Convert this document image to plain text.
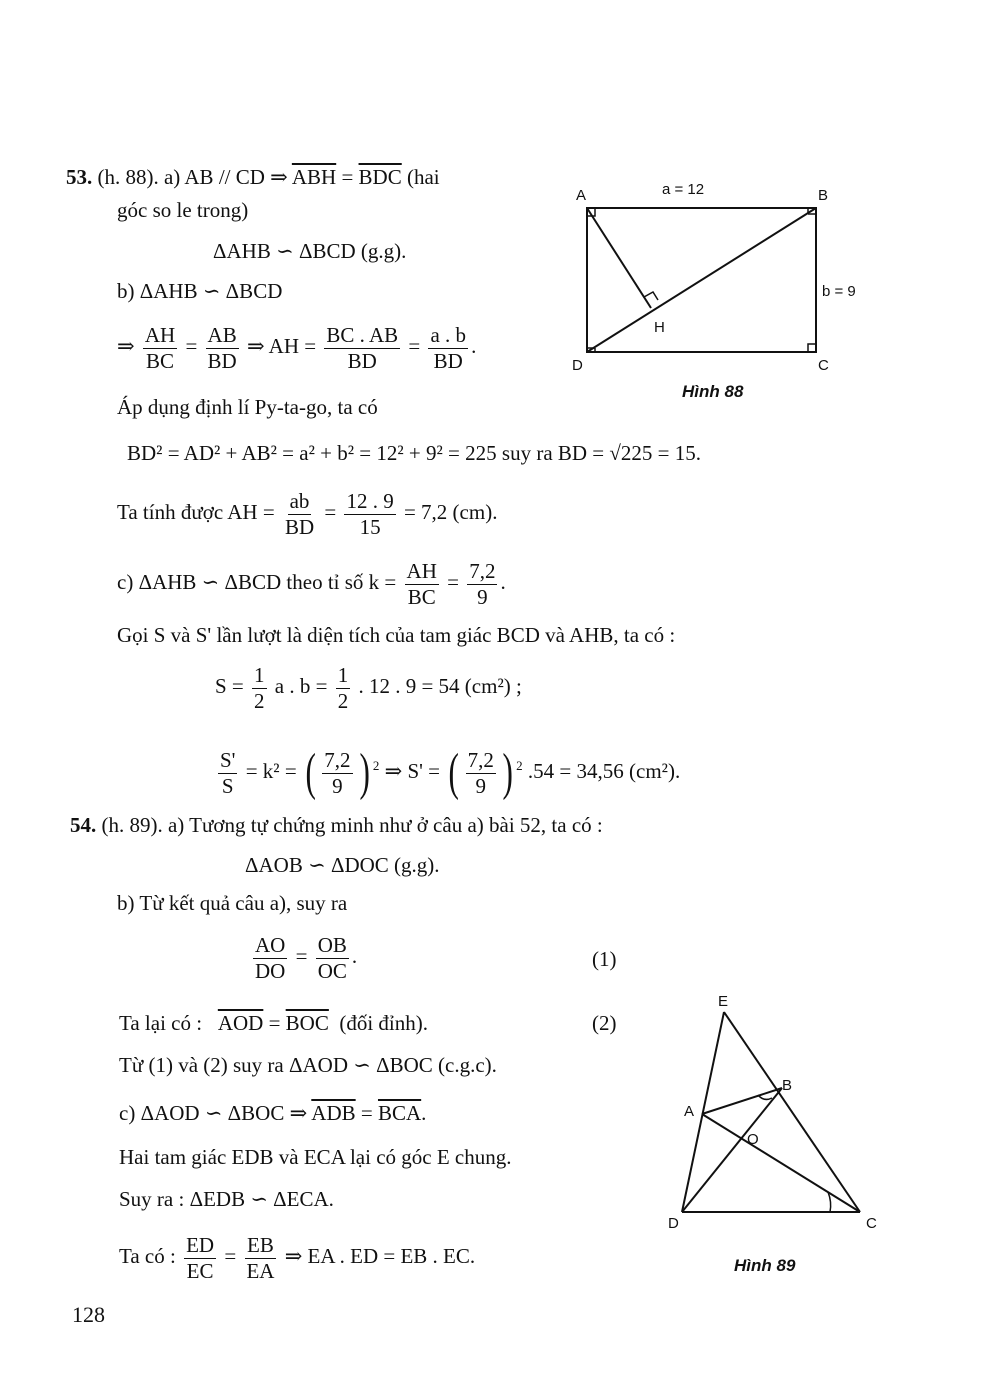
53. (h. 88). a) AB // CD ⇒ $\overline{ABH} = \overline{BDC}$ (hai
góc so le trong)
ΔAHB ∽ ΔBCD (g.g).
b) ΔAHB ∽ ΔBCD
⇒ $\frac{AH}{BC} = \frac{AB}{BD}$ ⇒ AH = $\frac{BC . AB}{BD} = \frac{a . b}{BD}$ .
Áp dụng định lí Py-ta-go, ta có
BD² = AD² + AB² = a² + b² = 12² + 9² = 225 suy ra BD = √225 = 15.
Ta tính được AH = $\frac{ab}{BD} = \frac{12 . 9}{15} = 7,2$ (cm).
c) ΔAHB ∽ ΔBCD theo tỉ số $k = \frac{AH}{BC} = \frac{7,2}{9}$ .
Gọi S và S' lần lượt là diện tích của tam giác BCD và AHB, ta có :
$S = \frac{1}{2}$ a . $b = \frac{1}{2}$ . 12 . 9 = 54 (cm²) ;
$\frac{S'}{S} = k^2$ = ( $\frac{7,2}{9}$ ) $^2$ ⇒ S' = ( $\frac{7,2}{9}$ ) $^2$ .54 = 34,56 (cm²).
54. (h. 89). a) Tương tự chứng minh như ở câu a) bài 52, ta có :
ΔAOB ∽ ΔDOC (g.g).
b) Từ kết quả câu a), suy ra
$\frac{AO}{DO} = \frac{OB}{OC}$ .	(1)
Ta lại có : $\overline{AOD} = \overline{BOC}$ (đối đỉnh).	(2)
Từ (1) và (2) suy ra ΔAOD ∽ ΔBOC (c.g.c).
c) ΔAOD ∽ ΔBOC ⇒ $\overline{ADB} = \overline{BCA}$.
Hai tam giác EDB và ECA lại có góc E chung.
Suy ra : ΔEDB ∽ ΔECA.
Ta có : $\frac{ED}{EC} = \frac{EB}{EA}$ ⇒ EA . ED = EB . EC.
A	B
C
D
H
a = 12
b = 9
Hình 88
E
A
B
O
D	C
Hình 89
128
